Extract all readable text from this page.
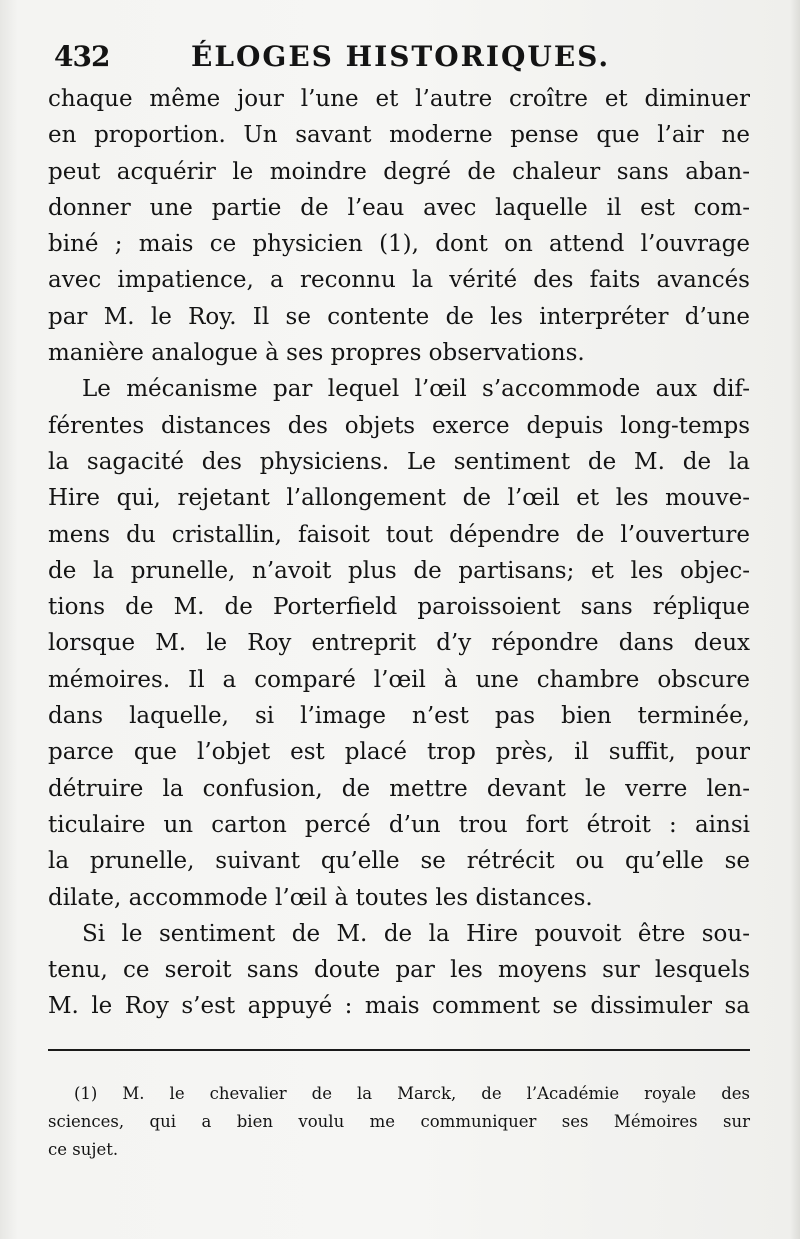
432	ÉLOGES HISTORIQUES.
chaque même jour l’une et l’autre croître et diminuer
en proportion. Un savant moderne pense que l’air ne
peut acquérir le moindre degré de chaleur sans aban-
donner une partie de l’eau avec laquelle il est com-
biné ; mais ce physicien (1), dont on attend l’ouvrage
avec impatience, a reconnu la vérité des faits avancés
par M. le Roy. Il se contente de les interpréter d’une
manière analogue à ses propres observations.
Le mécanisme par lequel l’œil s’accommode aux dif-
férentes distances des objets exerce depuis long-temps
la sagacité des physiciens. Le sentiment de M. de la
Hire qui, rejetant l’allongement de l’œil et les mouve-
mens du cristallin, faisoit tout dépendre de l’ouverture
de la prunelle, n’avoit plus de partisans; et les objec-
tions de M. de Porterfield paroissoient sans réplique
lorsque M. le Roy entreprit d’y répondre dans deux
mémoires. Il a comparé l’œil à une chambre obscure
dans laquelle, si l’image n’est pas bien terminée,
parce que l’objet est placé trop près, il suffit, pour
détruire la confusion, de mettre devant le verre len-
ticulaire un carton percé d’un trou fort étroit : ainsi
la prunelle, suivant qu’elle se rétrécit ou qu’elle se
dilate, accommode l’œil à toutes les distances.
Si le sentiment de M. de la Hire pouvoit être sou-
tenu, ce seroit sans doute par les moyens sur lesquels
M. le Roy s’est appuyé : mais comment se dissimuler sa
(1) M. le chevalier de la Marck, de l’Académie royale des
sciences, qui a bien voulu me communiquer ses Mémoires sur
ce sujet.
